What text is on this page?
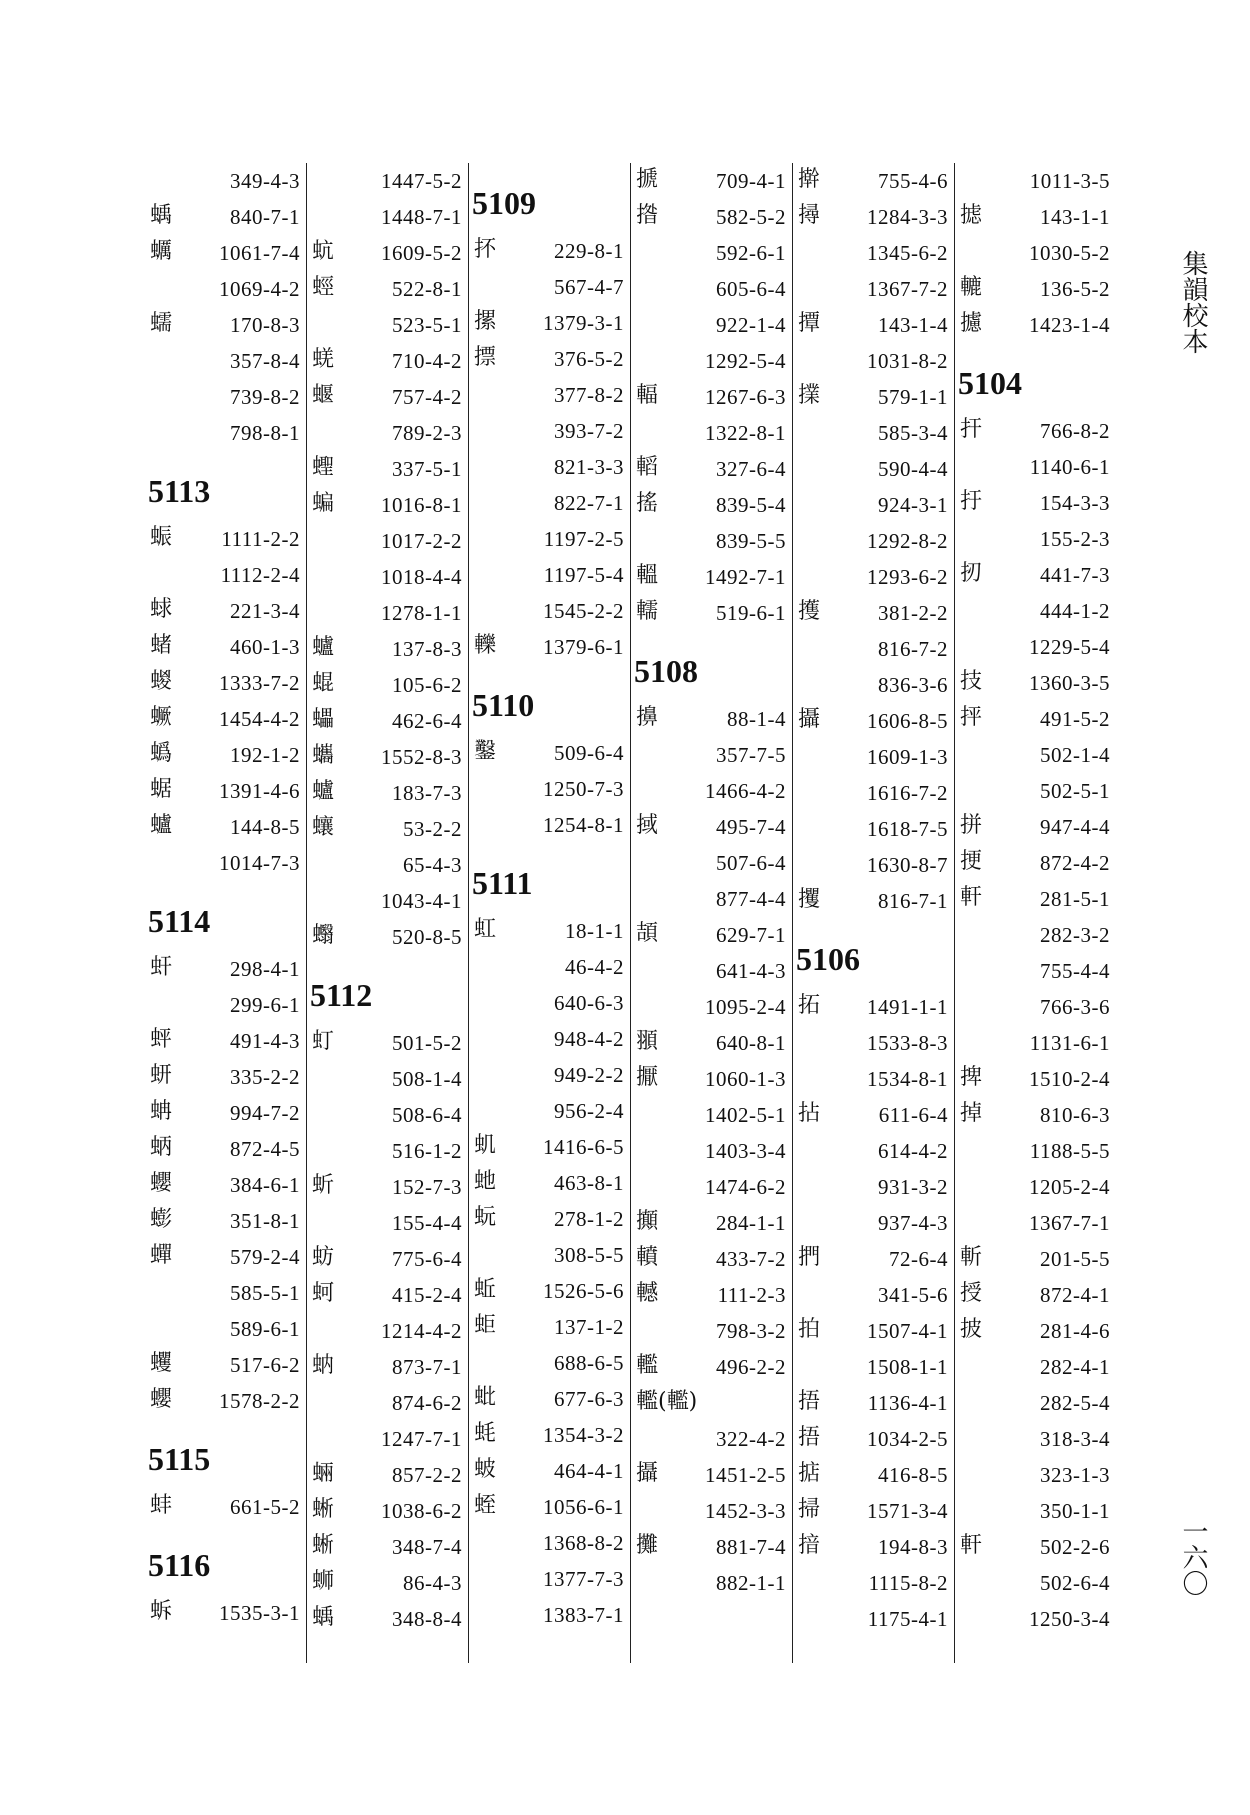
349-4-3
蝺	840-7-1
蠣 1061-7-4
1069-4-2
蠕	170-8-3
357-8-4
739-8-2
798-8-1
5113
蜄 1111-2-2
1112-2-4
蛷	221-3-4
蝫	460-1-3
蝬 1333-7-2
蟩 1454-4-2
蟡	192-1-2
蜛 1391-4-6
蠦	144-8-5
1014-7-3
5114
虷	298-4-1
299-6-1
蚲	491-4-3
蚈	335-2-2
蚺	994-7-2
蛃	872-4-5
蠳	384-6-1
蟛	351-8-1
蟬	579-2-4
585-5-1
589-6-1
蠼	517-6-2
蠳 1578-2-2
5115
蚌	661-5-2
5116
蚸 1535-3-1
1447-5-2
1448-7-1
蚢 1609-5-2
蛵	522-8-1
523-5-1
蜣	710-4-2
蝘	757-4-2
789-2-3
蟶	337-5-1
蝙 1016-8-1
1017-2-2
1018-4-4
1278-1-1
蠦	137-8-3
蜫	105-6-2
蠝	462-6-4
蠵 1552-8-3
蠦	183-7-3
蠰	53-2-2
65-4-3
1043-4-1
蠮	520-8-5
5112
虰	501-5-2
508-1-4
508-6-4
516-1-2
蚚	152-7-3
155-4-4
蚄	775-6-4
蚵	415-2-4
1214-4-2
蚋	873-7-1
874-6-2
1247-7-1
蜽	857-2-2
蜥 1038-6-2
蜥	348-7-4
蛳	86-4-3
蝺	348-8-4
5109
抔	229-8-1
567-4-7
摞 1379-3-1
摽	376-5-2
377-8-2
393-7-2
821-3-3
822-7-1
1197-2-5
1197-5-4
1545-2-2
轢 1379-6-1
5110
鑿	509-6-4
1250-7-3
1254-8-1
5111
虹	18-1-1
46-4-2
640-6-3
948-4-2
949-2-2
956-2-4
虮 1416-6-5
虵	463-8-1
蚖	278-1-2
308-5-5
蚯 1526-5-6
蚷	137-1-2
688-6-5
蚍	677-6-3
蚝 1354-3-2
蚾	464-4-1
蛭 1056-6-1
1368-8-2
1377-7-3
1383-7-1
搋	709-4-1
揝	582-5-2
592-6-1
605-6-4
922-1-4
1292-5-4
輻 1267-6-3
1322-8-1
轁	327-6-4
搖	839-5-4
839-5-5
轀 1492-7-1
轜	519-6-1
5108
擤	88-1-4
357-7-5
1466-4-2
掝	495-7-4
507-6-4
877-4-4
頡	629-7-1
641-4-3
1095-2-4
頨	640-8-1
擫 1060-1-3
1402-5-1
1403-3-4
1474-6-2
攧	284-1-1
轒	433-7-2
轗	111-2-3
798-3-2
轞	496-2-2
轞(轞)
322-4-2
攝 1451-2-5
1452-3-3
攤	881-7-4
882-1-1
擀	755-4-6
撏 1284-3-3
1345-6-2
1367-7-2
撢	143-1-4
1031-8-2
擈	579-1-1
585-3-4
590-4-4
924-3-1
1292-8-2
1293-6-2
擭	381-2-2
816-7-2
836-3-6
攝 1606-8-5
1609-1-3
1616-7-2
1618-7-5
1630-8-7
攫	816-7-1
5106
拓 1491-1-1
1533-8-3
1534-8-1
拈	611-6-4
614-4-2
931-3-2
937-4-3
捫	72-6-4
341-5-6
拍 1507-4-1
1508-1-1
捂 1136-4-1
捂 1034-2-5
掂	416-8-5
掃 1571-3-4
揞	194-8-3
1115-8-2
1175-4-1
1011-3-5
摅	143-1-1
1030-5-2
轆	136-5-2
攄 1423-1-4
5104
扞	766-8-2
1140-6-1
扜	154-3-3
155-2-3
扨	441-7-3
444-1-2
1229-5-4
技 1360-3-5
抨	491-5-2
502-1-4
502-5-1
拼	947-4-4
挭	872-4-2
軒	281-5-1
282-3-2
755-4-4
766-3-6
1131-6-1
捭 1510-2-4
掉	810-6-3
1188-5-5
1205-2-4
1367-7-1
斬	201-5-5
授	872-4-1
披	281-4-6
282-4-1
282-5-4
318-3-4
323-1-3
350-1-1
軒	502-2-6
502-6-4
1250-3-4
集韻校本
一六〇
